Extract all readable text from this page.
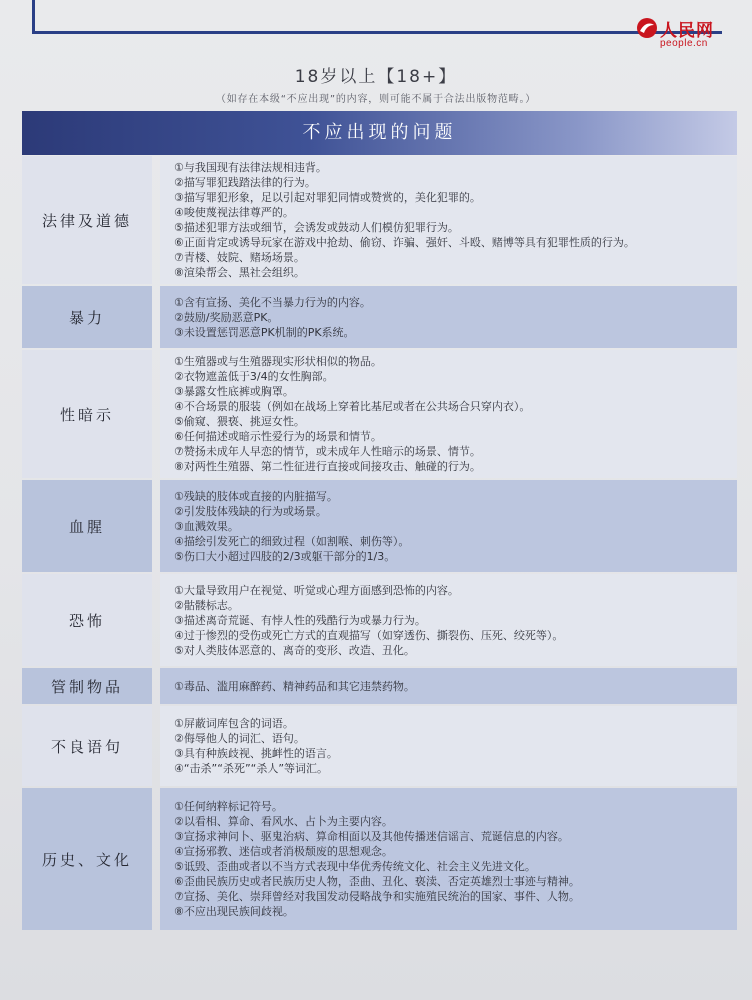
人民网
people.cn
18岁以上【18+】
（如存在本级“不应出现”的内容，则可能不属于合法出版物范畴。）
不应出现的问题
法律及道德
①与我国现有法律法规相违背。
②描写罪犯践踏法律的行为。
③描写罪犯形象，足以引起对罪犯同情或赞赏的，美化犯罪的。
④唆使蔑视法律尊严的。
⑤描述犯罪方法或细节，会诱发或鼓动人们模仿犯罪行为。
⑥正面肯定或诱导玩家在游戏中抢劫、偷窃、诈骗、强奸、斗殴、赌博等具有犯罪性质的行为。
⑦青楼、妓院、赌场场景。
⑧渲染帮会、黑社会组织。
暴力
①含有宣扬、美化不当暴力行为的内容。
②鼓励/奖励恶意PK。
③未设置惩罚恶意PK机制的PK系统。
性暗示
①生殖器或与生殖器现实形状相似的物品。
②衣物遮盖低于3/4的女性胸部。
③暴露女性底裤或胸罩。
④不合场景的服装（例如在战场上穿着比基尼或者在公共场合只穿内衣）。
⑤偷窥、猥亵、挑逗女性。
⑥任何描述或暗示性爱行为的场景和情节。
⑦赞扬未成年人早恋的情节，或未成年人性暗示的场景、情节。
⑧对两性生殖器、第二性征进行直接或间接攻击、触碰的行为。
血腥
①残缺的肢体或直接的内脏描写。
②引发肢体残缺的行为或场景。
③血溅效果。
④描绘引发死亡的细致过程（如割喉、刺伤等）。
⑤伤口大小超过四肢的2/3或躯干部分的1/3。
恐怖
①大量导致用户在视觉、听觉或心理方面感到恐怖的内容。
②骷髅标志。
③描述离奇荒诞、有悖人性的残酷行为或暴力行为。
④过于惨烈的受伤或死亡方式的直观描写（如穿透伤、撕裂伤、压死、绞死等）。
⑤对人类肢体恶意的、离奇的变形、改造、丑化。
管制物品	①毒品、滥用麻醉药、精神药品和其它违禁药物。
不良语句
①屏蔽词库包含的词语。
②侮辱他人的词汇、语句。
③具有种族歧视、挑衅性的语言。
④“击杀”“杀死”“杀人”等词汇。
历史、文化
①任何纳粹标记符号。
②以看相、算命、看风水、占卜为主要内容。
③宣扬求神问卜、驱鬼治病、算命相面以及其他传播迷信谣言、荒诞信息的内容。
④宣扬邪教、迷信或者消极颓废的思想观念。
⑤诋毁、歪曲或者以不当方式表现中华优秀传统文化、社会主义先进文化。
⑥歪曲民族历史或者民族历史人物，歪曲、丑化、亵渎、否定英雄烈士事迹与精神。
⑦宣扬、美化、崇拜曾经对我国发动侵略战争和实施殖民统治的国家、事件、人物。
⑧不应出现民族间歧视。
